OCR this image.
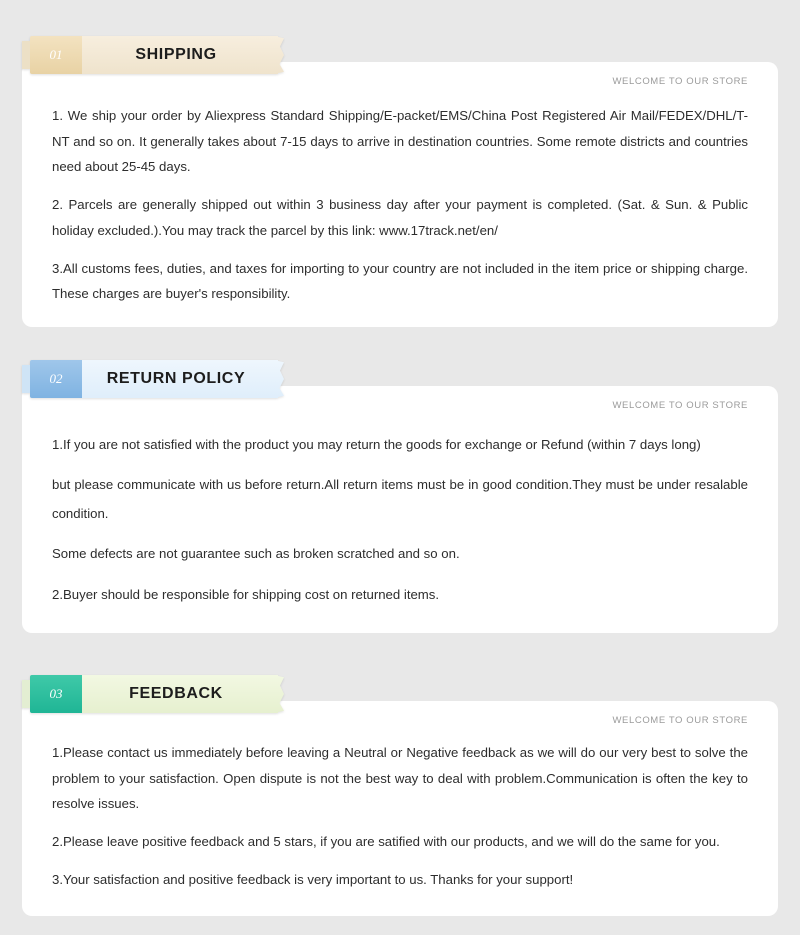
01	SHIPPING
WELCOME TO OUR STORE

1. We ship your order by Aliexpress Standard Shipping/E-packet/EMS/China Post Registered Air Mail/FEDEX/DHL/T-NT and so on. It generally takes about 7-15 days to arrive in destination countries. Some remote districts and countries need about 25-45 days.

2. Parcels are generally shipped out within 3 business day after your payment is completed. (Sat. & Sun. & Public holiday excluded.).You may track the parcel by this link: www.17track.net/en/

3.All customs fees, duties, and taxes for importing to your country are not included in the item price or shipping charge. These charges are buyer's responsibility.

02	RETURN POLICY
WELCOME TO OUR STORE

1.If you are not satisfied with the product you may return the goods for exchange or Refund (within 7 days long)

but please communicate with us before return.All return items must be in good condition.They must be under resalable condition.

Some defects are not guarantee such as broken scratched and so on.

2.Buyer should be responsible for shipping cost on returned items.

03	FEEDBACK
WELCOME TO OUR STORE

1.Please contact us immediately before leaving a Neutral or Negative feedback as we will do our very best to solve the problem to your satisfaction. Open dispute is not the best way to deal with problem.Communication is often the key to resolve issues.

2.Please leave positive feedback and 5 stars, if you are satified with our products, and we will do the same for you.

3.Your satisfaction and positive feedback is very important to us. Thanks for your support!
